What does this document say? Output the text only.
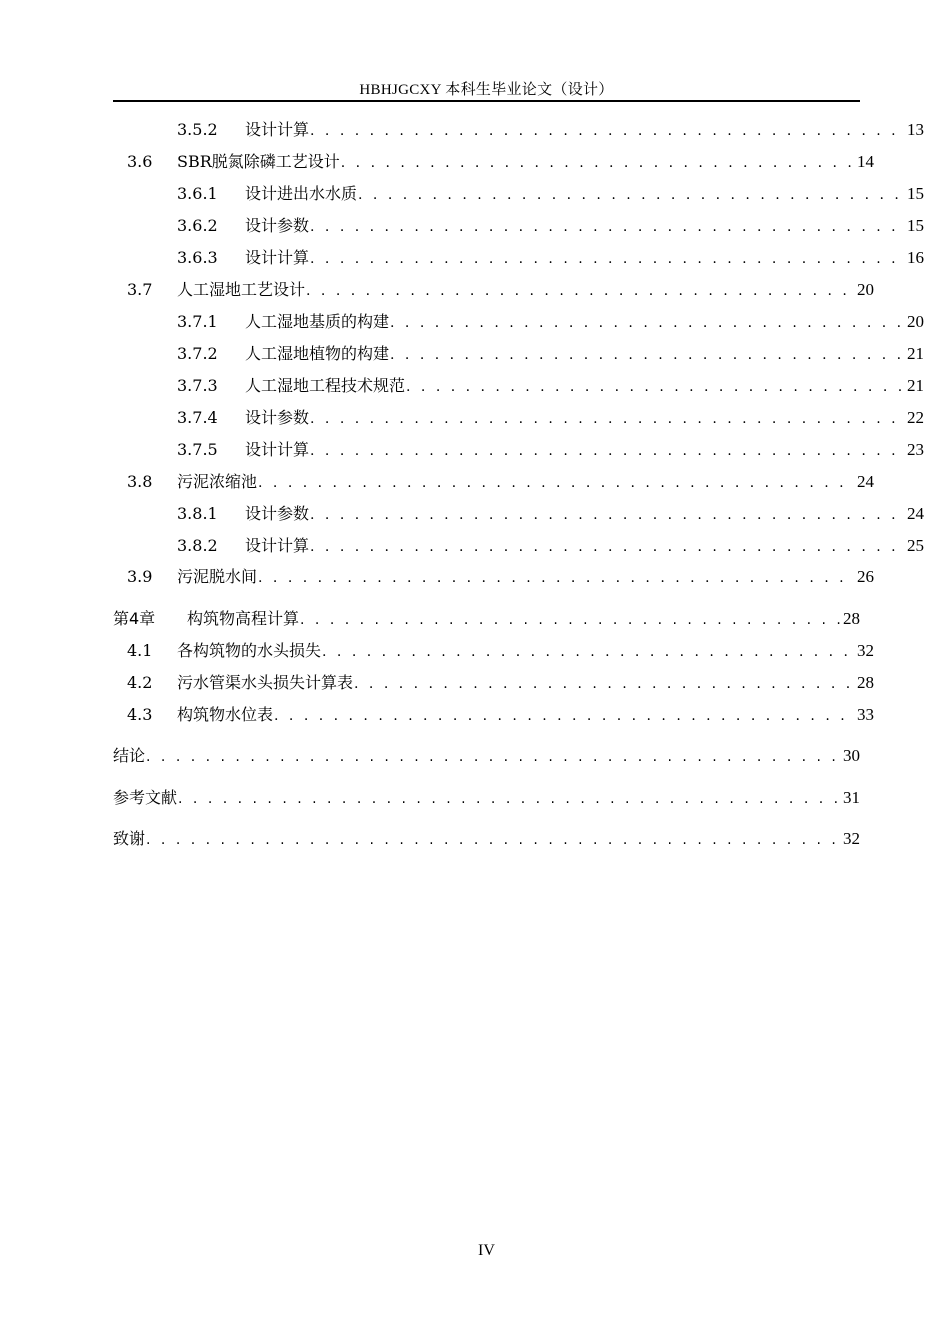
HBHJGCXY 本科生毕业论文（设计）
3.5.2	设计计算 . . .	13
3.6	SBR脱氮除磷工艺设计 . . .	14
3.6.1	设计进出水水质 . . .	15
3.6.2	设计参数 . . .	15
3.6.3	设计计算 . . .	16
3.7	人工湿地工艺设计 . . .	20
3.7.1	人工湿地基质的构建 . . .	20
3.7.2	人工湿地植物的构建 . . .	21
3.7.3	人工湿地工程技术规范 . . .	21
3.7.4	设计参数 . . .	22
3.7.5	设计计算 . . .	23
3.8	污泥浓缩池 . . .	24
3.8.1	设计参数 . . .	24
3.8.2	设计计算 . . .	25
3.9	污泥脱水间 . . .	26
第4章	构筑物高程计算 . . .	28
4.1	各构筑物的水头损失 . . .	32
4.2	污水管渠水头损失计算表 . . .	28
4.3	构筑物水位表 . . .	33
结论 . . .	30
参考文献 . . .	31
致谢 . . .	32
IV
